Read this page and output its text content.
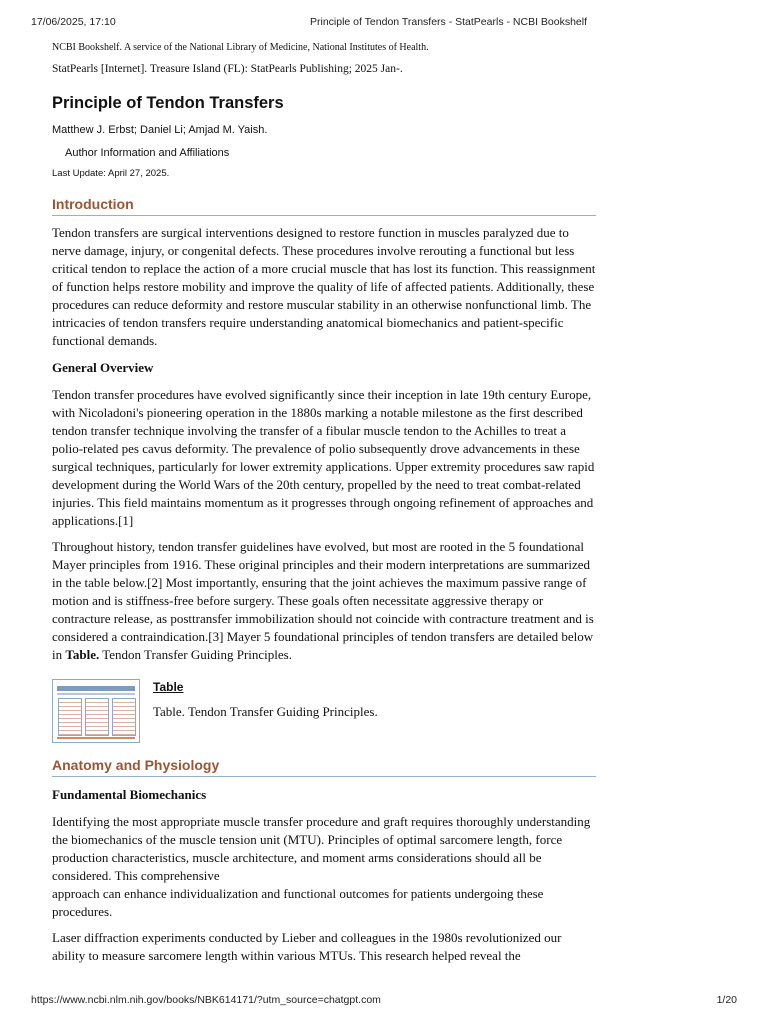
17/06/2025, 17:10	Principle of Tendon Transfers - StatPearls - NCBI Bookshelf

NCBI Bookshelf. A service of the National Library of Medicine, National Institutes of Health.

StatPearls [Internet]. Treasure Island (FL): StatPearls Publishing; 2025 Jan-.

Principle of Tendon Transfers

Matthew J. Erbst; Daniel Li; Amjad M. Yaish.

Author Information and Affiliations

Last Update: April 27, 2025.

Introduction

Tendon transfers are surgical interventions designed to restore function in muscles paralyzed due to nerve damage, injury, or congenital defects. These procedures involve rerouting a functional but less critical tendon to replace the action of a more crucial muscle that has lost its function. This reassignment of function helps restore mobility and improve the quality of life of affected patients. Additionally, these procedures can reduce deformity and restore muscular stability in an otherwise nonfunctional limb. The intricacies of tendon transfers require understanding anatomical biomechanics and patient-specific functional demands.

General Overview

Tendon transfer procedures have evolved significantly since their inception in late 19th century Europe, with Nicoladoni's pioneering operation in the 1880s marking a notable milestone as the first described tendon transfer technique involving the transfer of a fibular muscle tendon to the Achilles to treat a polio-related pes cavus deformity. The prevalence of polio subsequently drove advancements in these surgical techniques, particularly for lower extremity applications. Upper extremity procedures saw rapid development during the World Wars of the 20th century, propelled by the need to treat combat-related injuries. This field maintains momentum as it progresses through ongoing refinement of approaches and applications.[1]

Throughout history, tendon transfer guidelines have evolved, but most are rooted in the 5 foundational Mayer principles from 1916. These original principles and their modern interpretations are summarized in the table below.[2] Most importantly, ensuring that the joint achieves the maximum passive range of motion and is stiffness-free before surgery. These goals often necessitate aggressive therapy or contracture release, as posttransfer immobilization should not coincide with contracture treatment and is considered a contraindication.[3] Mayer 5 foundational principles of tendon transfers are detailed below in Table. Tendon Transfer Guiding Principles.

Table
Table. Tendon Transfer Guiding Principles.
Anatomy and Physiology
Fundamental Biomechanics

Identifying the most appropriate muscle transfer procedure and graft requires thoroughly understanding the biomechanics of the muscle tension unit (MTU). Principles of optimal sarcomere length, force production characteristics, muscle architecture, and moment arms considerations should all be considered. This comprehensive
approach can enhance individualization and functional outcomes for patients undergoing these procedures.

Laser diffraction experiments conducted by Lieber and colleagues in the 1980s revolutionized our ability to measure sarcomere length within various MTUs. This research helped reveal the

https://www.ncbi.nlm.nih.gov/books/NBK614171/?utm_source=chatgpt.com	1/20
